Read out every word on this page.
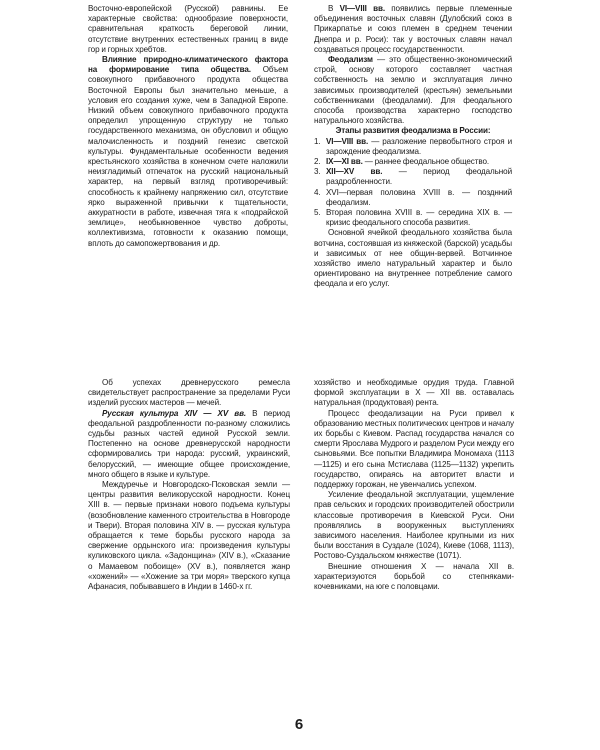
Восточно-европейской (Русской) равнины. Ее характерные свойства: однообразие поверхности, сравнительная краткость береговой линии, отсутствие внутренних естественных границ в виде гор и горных хребтов.

Влияние природно-климатического фактора на формирование типа общества. Объем совокупного прибавочного продукта общества Восточной Европы был значительно меньше, а условия его создания хуже, чем в Западной Европе. Низкий объем совокупного прибавочного продукта определил упрощенную структуру не только государственного механизма, он обусловил и общую малочисленность и поздний генезис светской культуры. Фундаментальные особенности ведения крестьянского хозяйства в конечном счете наложили неизгладимый отпечаток на русский национальный характер, на первый взгляд противоречивый: способность к крайнему напряжению сил, отсутствие ярко выраженной привычки к тщательности, аккуратности в работе, извечная тяга к «подрайской землице», необыкновенное чувство доброты, коллективизма, готовности к оказанию помощи, вплоть до самопожертвования и др.

В VI—VIII вв. появились первые племенные объединения восточных славян (Дулобский союз в Прикарпатье и союз племен в среднем течении Днепра и р. Роси): так у восточных славян начал создаваться процесс государственности.

Феодализм — это общественно-экономический строй, основу которого составляет частная собственность на землю и эксплуатация лично зависимых производителей (крестьян) земельными собственниками (феодалами). Для феодального способа производства характерно господство натурального хозяйства.

Этапы развития феодализма в России:

1. VI—VIII вв. — разложение первобытного строя и зарождение феодализма.
2. IX—XI вв. — раннее феодальное общество.
3. XII—XV вв. — период феодальной раздробленности.
4. XVI—первая половина XVIII в. — позднний феодализм.
5. Вторая половина XVIII в. — середина XIX в. — кризис феодального способа развития.

Основной ячейкой феодального хозяйства была вотчина, состоявшая из княжеской (барской) усадьбы и зависимых от нее общин-вервей. Вотчинное хозяйство имело натуральный характер и было ориентировано на внутреннее потребление самого феодала и его услуг.

Об успехах древнерусского ремесла свидетельствует распространение за пределами Руси изделий русских мастеров — мечей.

Русская культура XIV — XV вв. В период феодальной раздробленности по-разному сложились судьбы разных частей единой Русской земли. Постепенно на основе древнерусской народности сформировались три народа: русский, украинский, белорусский, — имеющие общее происхождение, много общего в языке и культуре.

Междуречье и Новгородско-Псковская земли — центры развития великорусской народности. Конец XIII в. — первые признаки нового подъема культуры (возобновление каменного строительства в Новгороде и Твери). Вторая половина XIV в. — русская культура обращается к теме борьбы русского народа за свержение ордынского ига: произведения культуры куликовского цикла. «Задонщина» (XIV в.), «Сказание о Мамаевом побоище» (XV в.), появляется жанр «хожений» — «Хожение за три моря» тверского купца Афанасия, побывавшего в Индии в 1460-х гг.

хозяйство и необходимые орудия труда. Главной формой эксплуатации в X — XII вв. оставалась натуральная (продуктовая) рента.

Процесс феодализации на Руси привел к образованию местных политических центров и началу их борьбы с Киевом. Распад государства начался со смерти Ярослава Мудрого и разделом Руси между его сыновьями. Все попытки Владимира Мономаха (1113—1125) и его сына Мстислава (1125—1132) укрепить государство, опираясь на авторитет власти и поддержку горожан, не увенчались успехом.

Усиление феодальной эксплуатации, ущемление прав сельских и городских производителей обострили классовые противоречия в Киевской Руси. Они проявлялись в вооруженных выступлениях зависимого населения. Наиболее крупными из них были восстания в Суздале (1024), Киеве (1068, 1113), Ростово-Суздальском княжестве (1071).

Внешние отношения X — начала XII в. характеризуются борьбой со степняками-кочевниками, на юге с половцами.

6
